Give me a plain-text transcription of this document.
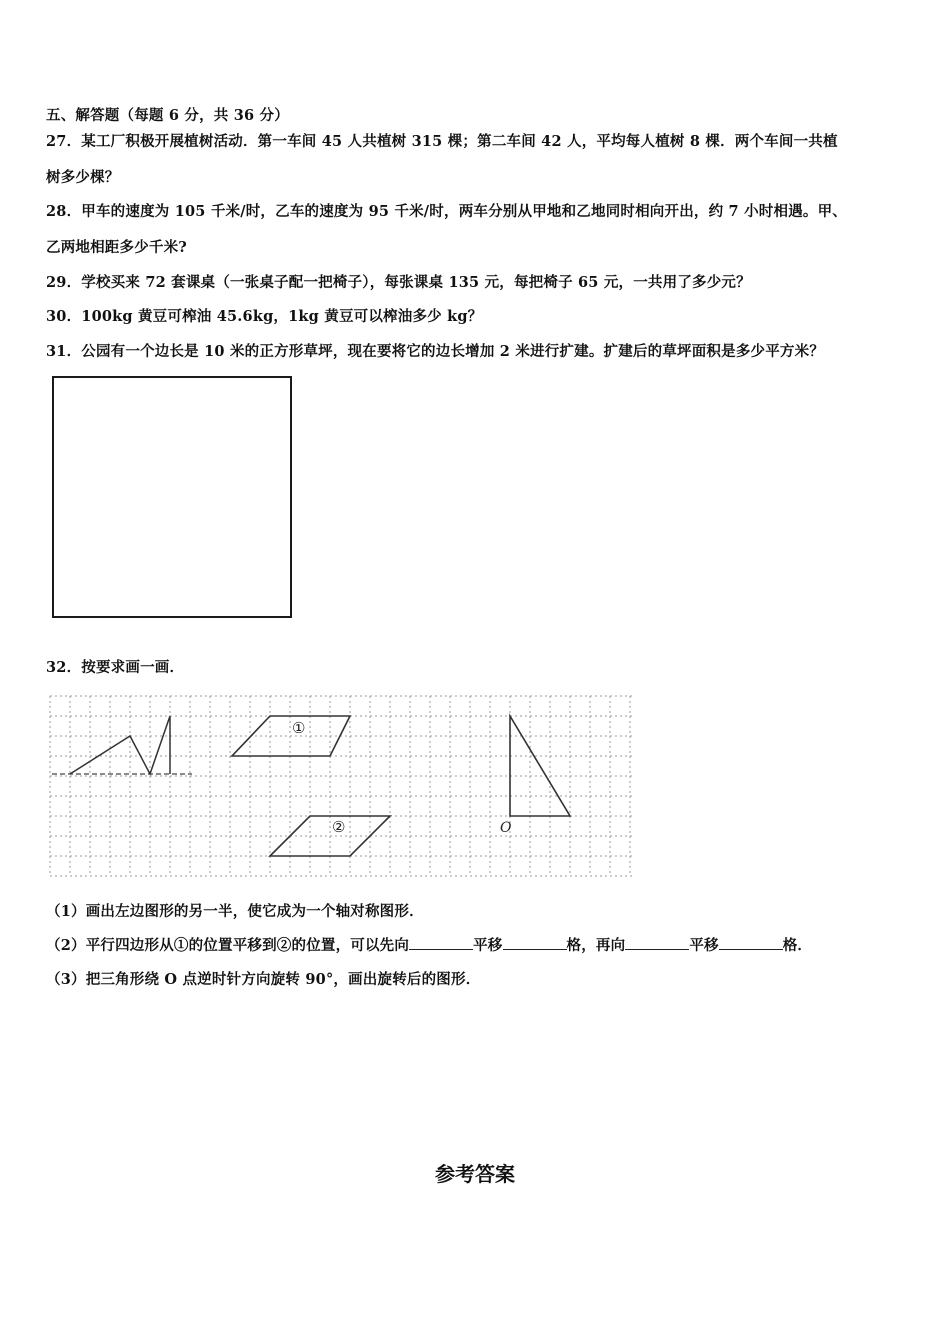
五、解答题（每题 6 分，共 36 分）
27．某工厂积极开展植树活动．第一车间 45 人共植树 315 棵；第二车间 42 人，平均每人植树 8 棵．两个车间一共植
树多少棵？
28．甲车的速度为 105 千米/时，乙车的速度为 95 千米/时，两车分别从甲地和乙地同时相向开出，约 7 小时相遇。甲、
乙两地相距多少千米?
29．学校买来 72 套课桌（一张桌子配一把椅子），每张课桌 135 元，每把椅子 65 元，一共用了多少元？
30．100kg 黄豆可榨油 45.6kg，1kg 黄豆可以榨油多少 kg？
31．公园有一个边长是 10 米的正方形草坪，现在要将它的边长增加 2 米进行扩建。扩建后的草坪面积是多少平方米？
32．按要求画一画．
①
②	O
（1）画出左边图形的另一半，使它成为一个轴对称图形．
（2）平行四边形从①的位置平移到②的位置，可以先向	平移	格，再向	平移	格．
（3）把三角形绕 O 点逆时针方向旋转 90°，画出旋转后的图形．
参考答案
